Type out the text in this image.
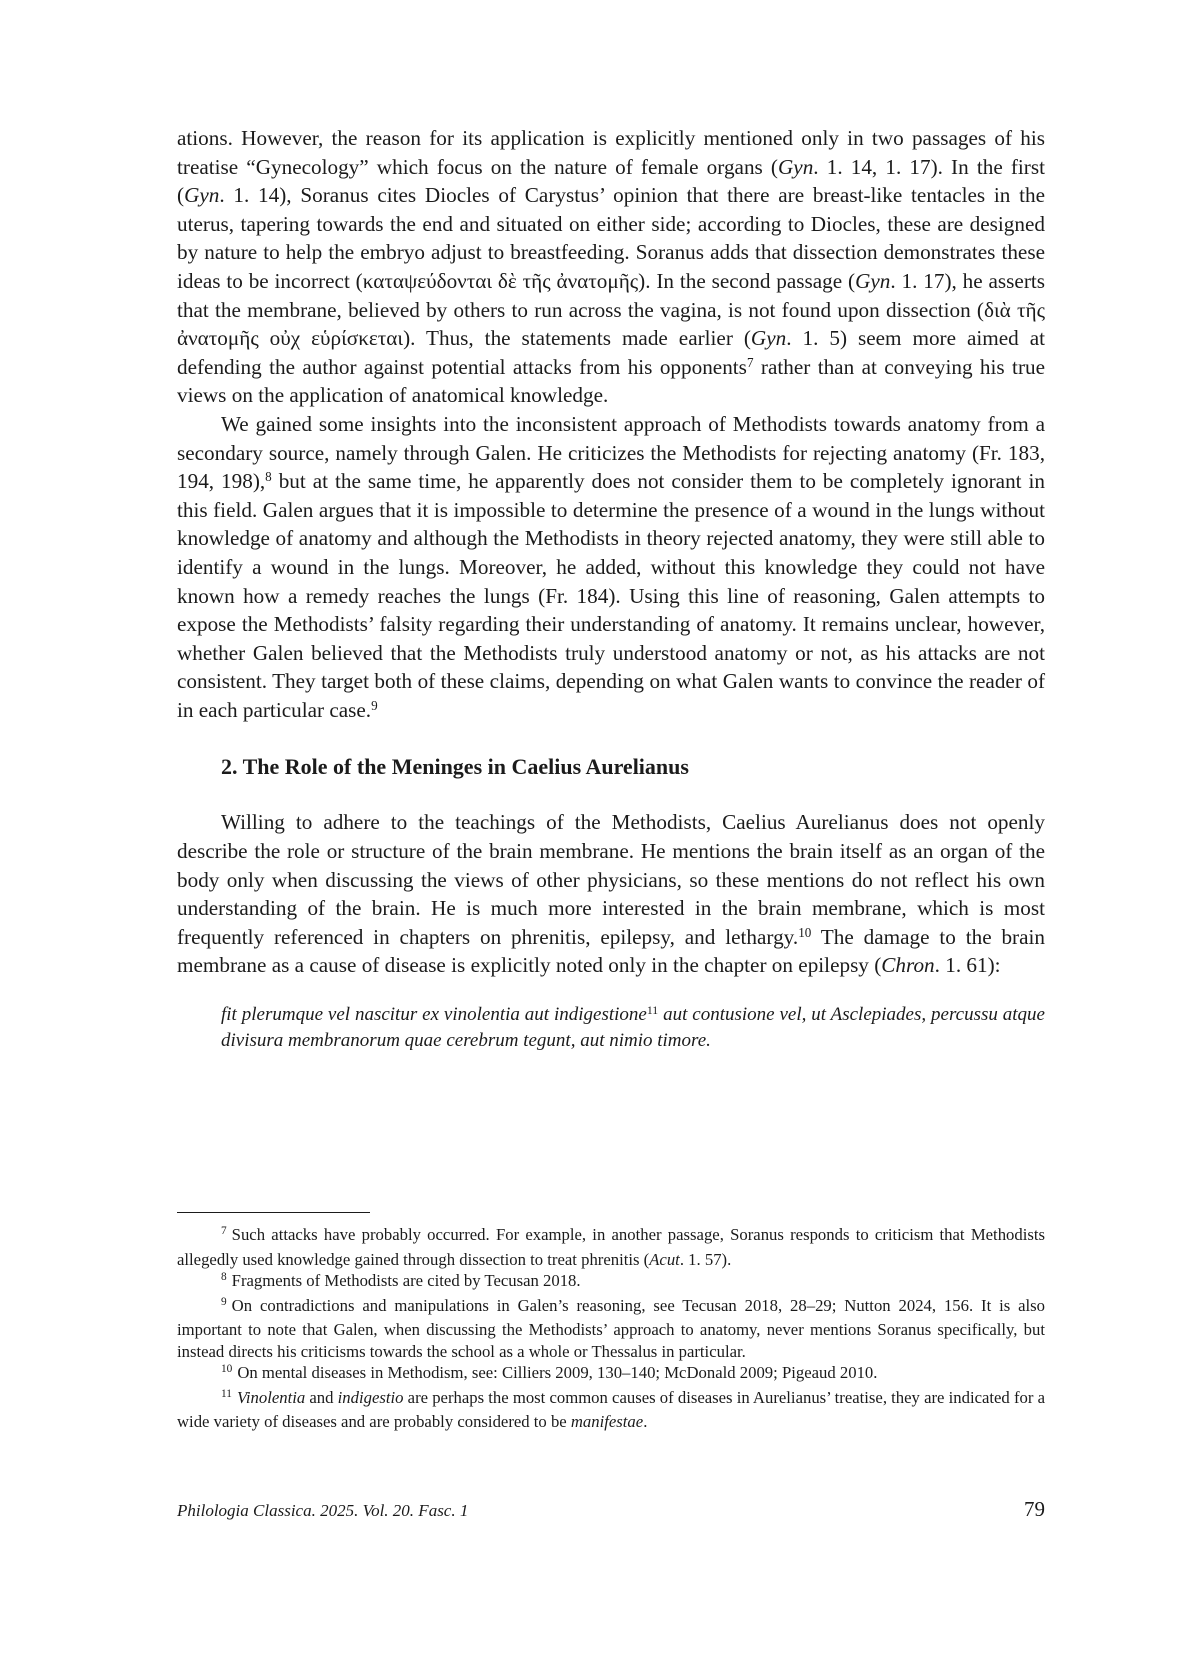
ations. However, the reason for its application is explicitly mentioned only in two passages of his treatise “Gynecology” which focus on the nature of female organs (Gyn. 1. 14, 1. 17). In the first (Gyn. 1. 14), Soranus cites Diocles of Carystus’ opinion that there are breast-like tentacles in the uterus, tapering towards the end and situated on either side; according to Diocles, these are designed by nature to help the embryo adjust to breastfeeding. Soranus adds that dissection demonstrates these ideas to be incorrect (καταψεύδονται δὲ τῆς ἀνατομῆς). In the second passage (Gyn. 1. 17), he asserts that the membrane, believed by others to run across the vagina, is not found upon dissection (διὰ τῆς ἀνατομῆς οὐχ εὑρίσκεται). Thus, the statements made earlier (Gyn. 1. 5) seem more aimed at defending the author against potential attacks from his opponents$^7$ rather than at conveying his true views on the application of anatomical knowledge.

We gained some insights into the inconsistent approach of Methodists towards anatomy from a secondary source, namely through Galen. He criticizes the Methodists for rejecting anatomy (Fr. 183, 194, 198),$^8$ but at the same time, he apparently does not consider them to be completely ignorant in this field. Galen argues that it is impossible to determine the presence of a wound in the lungs without knowledge of anatomy and although the Methodists in theory rejected anatomy, they were still able to identify a wound in the lungs. Moreover, he added, without this knowledge they could not have known how a remedy reaches the lungs (Fr. 184). Using this line of reasoning, Galen attempts to expose the Methodists’ falsity regarding their understanding of anatomy. It remains unclear, however, whether Galen believed that the Methodists truly understood anatomy or not, as his attacks are not consistent. They target both of these claims, depending on what Galen wants to convince the reader of in each particular case.$^9$

2. The Role of the Meninges in Caelius Aurelianus

Willing to adhere to the teachings of the Methodists, Caelius Aurelianus does not openly describe the role or structure of the brain membrane. He mentions the brain itself as an organ of the body only when discussing the views of other physicians, so these mentions do not reflect his own understanding of the brain. He is much more interested in the brain membrane, which is most frequently referenced in chapters on phrenitis, epilepsy, and lethargy.$^{10}$ The damage to the brain membrane as a cause of disease is explicitly noted only in the chapter on epilepsy (Chron. 1. 61):

fit plerumque vel nascitur ex vinolentia aut indigestione$^{11}$ aut contusione vel, ut Asclepiades, percussu atque divisura membranorum quae cerebrum tegunt, aut nimio timore.

$^7$ Such attacks have probably occurred. For example, in another passage, Soranus responds to criticism that Methodists allegedly used knowledge gained through dissection to treat phrenitis (Acut. 1. 57).

$^8$ Fragments of Methodists are cited by Tecusan 2018.

$^9$ On contradictions and manipulations in Galen’s reasoning, see Tecusan 2018, 28–29; Nutton 2024, 156. It is also important to note that Galen, when discussing the Methodists’ approach to anatomy, never mentions Soranus specifically, but instead directs his criticisms towards the school as a whole or Thessalus in particular.

$^{10}$ On mental diseases in Methodism, see: Cilliers 2009, 130–140; McDonald 2009; Pigeaud 2010.

$^{11}$ Vinolentia and indigestio are perhaps the most common causes of diseases in Aurelianus’ treatise, they are indicated for a wide variety of diseases and are probably considered to be manifestae.

Philologia Classica. 2025. Vol. 20. Fasc. 1	79
